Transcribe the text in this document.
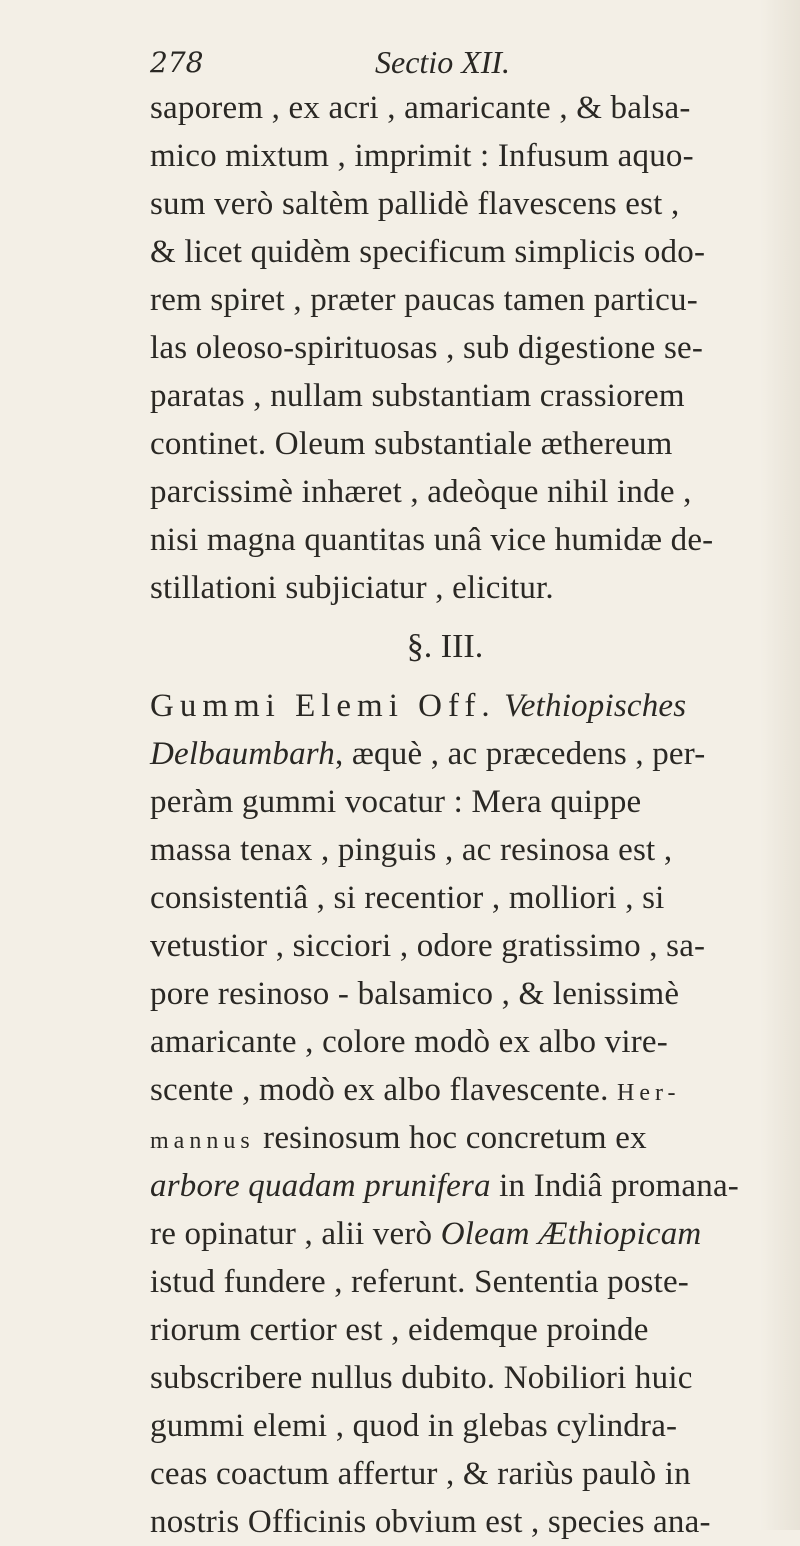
278	Sectio XII.
saporem , ex acri , amaricante , & balsa-
mico mixtum , imprimit : Infusum aquo-
sum verò saltèm pallidè flavescens est ,
& licet quidèm specificum simplicis odo-
rem spiret , præter paucas tamen particu-
las oleoso-spirituosas , sub digestione se-
paratas , nullam substantiam crassiorem
continet. Oleum substantiale æthereum
parcissimè inhæret , adeòque nihil inde ,
nisi magna quantitas unâ vice humidæ de-
stillationi subjiciatur , elicitur.
§. III.
Gummi Elemi Off. Vethiopisches
Delbaumbarh, æquè , ac præcedens , per-
peràm gummi vocatur : Mera quippe
massa tenax , pinguis , ac resinosa est ,
consistentiâ , si recentior , molliori , si
vetustior , sicciori , odore gratissimo , sa-
pore resinoso - balsamico , & lenissimè
amaricante , colore modò ex albo vire-
scente , modò ex albo flavescente. Her-
mannus resinosum hoc concretum ex
arbore quadam prunifera in Indiâ promana-
re opinatur , alii verò Oleam Æthiopicam
istud fundere , referunt. Sententia poste-
riorum certior est , eidemque proinde
subscribere nullus dubito. Nobiliori huic
gummi elemi , quod in glebas cylindra-
ceas coactum affertur , & rariùs paulò in
nostris Officinis obvium est , species ana-
